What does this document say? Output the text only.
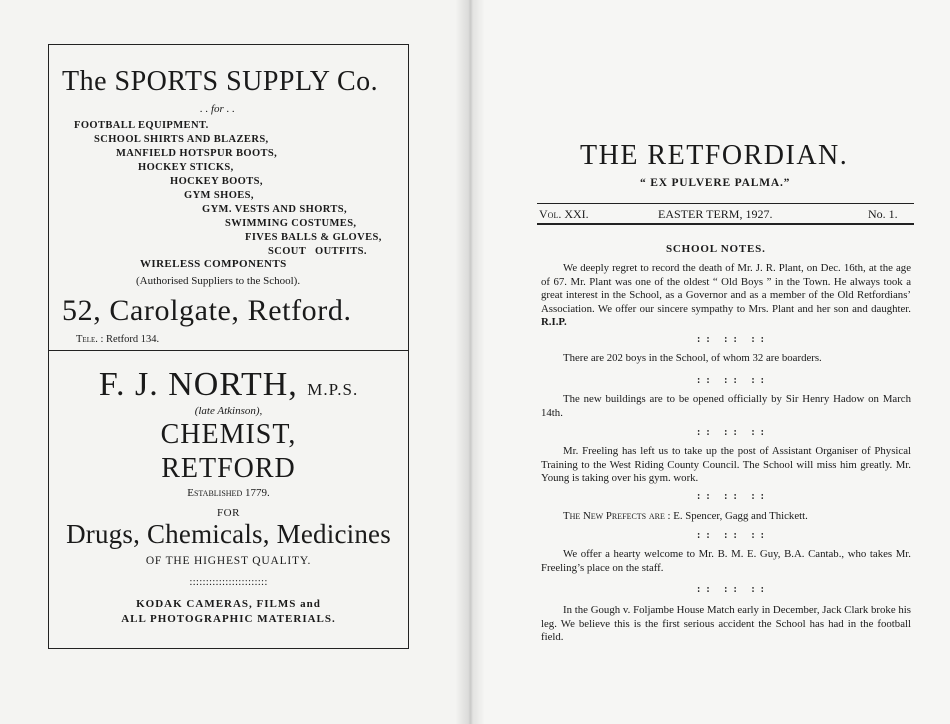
The SPORTS SUPPLY Co.
. . for . .
FOOTBALL EQUIPMENT.
SCHOOL SHIRTS AND BLAZERS,
MANFIELD HOTSPUR BOOTS,
HOCKEY STICKS,
HOCKEY BOOTS,
GYM SHOES,
GYM. VESTS AND SHORTS,
SWIMMING COSTUMES,
FIVES BALLS & GLOVES,
SCOUT OUTFITS.
WIRELESS COMPONENTS
(Authorised Suppliers to the School).
52, Carolgate, Retford.
Tele. : Retford 134.
F. J. NORTH, M.P.S.
(late Atkinson),
CHEMIST,
RETFORD
Established 1779.
FOR
Drugs, Chemicals, Medicines
OF THE HIGHEST QUALITY.
::::::::::::::::::::::::
KODAK CAMERAS, FILMS and
ALL PHOTOGRAPHIC MATERIALS.
THE RETFORDIAN.
“ EX PULVERE PALMA.”
Vol. XXI.	EASTER TERM, 1927.	No. 1.
SCHOOL NOTES.
We deeply regret to record the death of Mr. J. R. Plant, on Dec. 16th, at the age of 67. Mr. Plant was one of the oldest “ Old Boys ” in the Town. He always took a great interest in the School, as a Governor and as a member of the Old Retfordians’ Association. We offer our sincere sympathy to Mrs. Plant and her son and daughter. R.I.P.
:: :: ::
There are 202 boys in the School, of whom 32 are boarders.
:: :: ::
The new buildings are to be opened officially by Sir Henry Hadow on March 14th.
:: :: ::
Mr. Freeling has left us to take up the post of Assistant Organiser of Physical Training to the West Riding County Council. The School will miss him greatly. Mr. Young is taking over his gym. work.
:: :: ::
The New Prefects are : E. Spencer, Gagg and Thickett.
:: :: ::
We offer a hearty welcome to Mr. B. M. E. Guy, B.A. Cantab., who takes Mr. Freeling’s place on the staff.
:: :: ::
In the Gough v. Foljambe House Match early in December, Jack Clark broke his leg. We believe this is the first serious accident the School has had in the football field.
